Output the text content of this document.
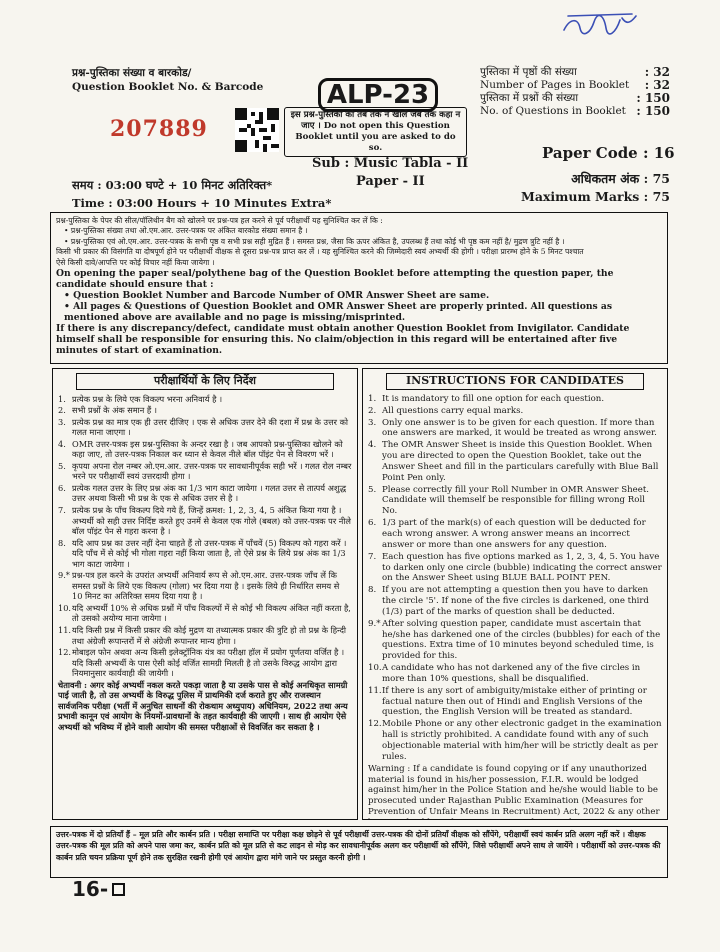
प्रश्न-पुस्तिका संख्या व बारकोड/
Question Booklet No. & Barcode	ALP-23
207889
इस प्रश्न-पुस्तिका को तब तक न खोलें जब तक कहा न जाए । Do not open this Question Booklet until you are asked to do so.
पुस्तिका में पृष्ठों की संख्या	: 32
Number of Pages in Booklet : 32
पुस्तिका में प्रश्नों की संख्या	: 150
No. of Questions in Booklet : 150
Paper Code : 16
Sub : Music Tabla - II
Paper - II
समय : 03:00 घण्टे + 10 मिनट अतिरिक्त*
Time : 03:00 Hours + 10 Minutes Extra*
अधिकतम अंक : 75
Maximum Marks : 75
प्रश्न-पुस्तिका के पेपर की सील/पॉलिथीन बैग को खोलने पर प्रश्न-पत्र हल करने से पूर्व परीक्षार्थी यह सुनिश्चित कर लें कि :
• प्रश्न-पुस्तिका संख्या तथा ओ.एम.आर. उत्तर-पत्रक पर अंकित बारकोड संख्या समान है ।
• प्रश्न-पुस्तिका एवं ओ.एम.आर. उत्तर-पत्रक के सभी पृष्ठ व सभी प्रश्न सही मुद्रित हैं । समस्त प्रश्न, जैसा कि ऊपर अंकित है, उपलब्ध हैं तथा कोई भी पृष्ठ कम नहीं है/ मुद्रण त्रुटि नहीं है ।
किसी भी प्रकार की विसंगति या दोषपूर्ण होने पर परीक्षार्थी वीक्षक से दूसरा प्रश्न-पत्र प्राप्त कर लें । यह सुनिश्चित करने की जिम्मेदारी स्वयं अभ्यर्थी की होगी । परीक्षा प्रारम्भ होने के 5 मिनट पश्चात
ऐसे किसी दावे/आपत्ति पर कोई विचार नहीं किया जायेगा ।
On opening the paper seal/polythene bag of the Question Booklet before attempting the question paper, the candidate should ensure that :
• Question Booklet Number and Barcode Number of OMR Answer Sheet are same.
• All pages & Questions of Question Booklet and OMR Answer Sheet are properly printed. All questions as mentioned above are available and no page is missing/misprinted.
If there is any discrepancy/defect, candidate must obtain another Question Booklet from Invigilator. Candidate himself shall be responsible for ensuring this. No claim/objection in this regard will be entertained after five minutes of start of examination.
परीक्षार्थियों के लिए निर्देश
1. प्रत्येक प्रश्न के लिये एक विकल्प भरना अनिवार्य है ।
2. सभी प्रश्नों के अंक समान हैं ।
3. प्रत्येक प्रश्न का मात्र एक ही उत्तर दीजिए । एक से अधिक उत्तर देने की दशा में प्रश्न के उत्तर को गलत माना जाएगा ।
4. OMR उत्तर-पत्रक इस प्रश्न-पुस्तिका के अन्दर रखा है । जब आपको प्रश्न-पुस्तिका खोलने को कहा जाए, तो उत्तर-पत्रक निकाल कर ध्यान से केवल नीले बॉल पॉइंट पेन से विवरण भरें ।
5. कृपया अपना रोल नम्बर ओ.एम.आर. उत्तर-पत्रक पर सावधानीपूर्वक सही भरें । गलत रोल नम्बर भरने पर परीक्षार्थी स्वयं उत्तरदायी होगा ।
6. प्रत्येक गलत उत्तर के लिए प्रश्न अंक का 1/3 भाग काटा जायेगा । गलत उत्तर से तात्पर्य अशुद्ध उत्तर अथवा किसी भी प्रश्न के एक से अधिक उत्तर से है ।
7. प्रत्येक प्रश्न के पाँच विकल्प दिये गये हैं, जिन्हें क्रमश: 1, 2, 3, 4, 5 अंकित किया गया है । अभ्यर्थी को सही उत्तर निर्दिष्ट करते हुए उनमें से केवल एक गोले (बबल) को उत्तर-पत्रक पर नीले बॉल पॉइंट पेन से गहरा करना है ।
8. यदि आप प्रश्न का उत्तर नहीं देना चाहते हैं तो उत्तर-पत्रक में पाँचवें (5) विकल्प को गहरा करें । यदि पाँच में से कोई भी गोला गहरा नहीं किया जाता है, तो ऐसे प्रश्न के लिये प्रश्न अंक का 1/3 भाग काटा जायेगा ।
9.* प्रश्न-पत्र हल करने के उपरांत अभ्यर्थी अनिवार्य रूप से ओ.एम.आर. उत्तर-पत्रक जाँच लें कि समस्त प्रश्नों के लिये एक विकल्प (गोला) भर दिया गया है । इसके लिये ही निर्धारित समय से 10 मिनट का अतिरिक्त समय दिया गया है ।
10. यदि अभ्यर्थी 10% से अधिक प्रश्नों में पाँच विकल्पों में से कोई भी विकल्प अंकित नहीं करता है, तो उसको अयोग्य माना जायेगा ।
11. यदि किसी प्रश्न में किसी प्रकार की कोई मुद्रण या तथ्यात्मक प्रकार की त्रुटि हो तो प्रश्न के हिन्दी तथा अंग्रेजी रूपान्तरों में से अंग्रेजी रूपान्तर मान्य होगा ।
12. मोबाइल फोन अथवा अन्य किसी इलेक्ट्रॉनिक यंत्र का परीक्षा हॉल में प्रयोग पूर्णतया वर्जित है । यदि किसी अभ्यर्थी के पास ऐसी कोई वर्जित सामग्री मिलती है तो उसके विरुद्ध आयोग द्वारा नियमानुसार कार्यवाही की जायेगी ।
चेतावनी : अगर कोई अभ्यर्थी नकल करते पकड़ा जाता है या उसके पास से कोई अनधिकृत सामग्री पाई जाती है, तो उस अभ्यर्थी के विरुद्ध पुलिस में प्राथमिकी दर्ज कराते हुए और राजस्थान सार्वजनिक परीक्षा (भर्ती में अनुचित साधनों की रोकथाम अध्युपाय) अधिनियम, 2022 तथा अन्य प्रभावी कानून एवं आयोग के नियमों-प्रावधानों के तहत कार्यवाही की जाएगी । साथ ही आयोग ऐसे अभ्यर्थी को भविष्य में होने वाली आयोग की समस्त परीक्षाओं से विवर्जित कर सकता है ।
INSTRUCTIONS FOR CANDIDATES
1. It is mandatory to fill one option for each question.
2. All questions carry equal marks.
3. Only one answer is to be given for each question. If more than one answers are marked, it would be treated as wrong answer.
4. The OMR Answer Sheet is inside this Question Booklet. When you are directed to open the Question Booklet, take out the Answer Sheet and fill in the particulars carefully with Blue Ball Point Pen only.
5. Please correctly fill your Roll Number in OMR Answer Sheet. Candidate will themself be responsible for filling wrong Roll No.
6. 1/3 part of the mark(s) of each question will be deducted for each wrong answer. A wrong answer means an incorrect answer or more than one answers for any question.
7. Each question has five options marked as 1, 2, 3, 4, 5. You have to darken only one circle (bubble) indicating the correct answer on the Answer Sheet using BLUE BALL POINT PEN.
8. If you are not attempting a question then you have to darken the circle '5'. If none of the five circles is darkened, one third (1/3) part of the marks of question shall be deducted.
9.* After solving question paper, candidate must ascertain that he/she has darkened one of the circles (bubbles) for each of the questions. Extra time of 10 minutes beyond scheduled time, is provided for this.
10. A candidate who has not darkened any of the five circles in more than 10% questions, shall be disqualified.
11. If there is any sort of ambiguity/mistake either of printing or factual nature then out of Hindi and English Versions of the question, the English Version will be treated as standard.
12. Mobile Phone or any other electronic gadget in the examination hall is strictly prohibited. A candidate found with any of such objectionable material with him/her will be strictly dealt as per rules.
Warning : If a candidate is found copying or if any unauthorized material is found in his/her possession, F.I.R. would be lodged against him/her in the Police Station and he/she would liable to be prosecuted under Rajasthan Public Examination (Measures for Prevention of Unfair Means in Recruitment) Act, 2022 & any other
उत्तर-पत्रक में दो प्रतियाँ हैं – मूल प्रति और कार्बन प्रति । परीक्षा समाप्ति पर परीक्षा कक्ष छोड़ने से पूर्व परीक्षार्थी उत्तर-पत्रक की दोनों प्रतियाँ वीक्षक को सौंपेंगे, परीक्षार्थी स्वयं कार्बन प्रति अलग नहीं करें । वीक्षक उत्तर-पत्रक की मूल प्रति को अपने पास जमा कर, कार्बन प्रति को मूल प्रति से कट लाइन से मोड़ कर सावधानीपूर्वक अलग कर परीक्षार्थी को सौंपेंगे, जिसे परीक्षार्थी अपने साथ ले जायेंगे । परीक्षार्थी को उत्तर-पत्रक की कार्बन प्रति चयन प्रक्रिया पूर्ण होने तक सुरक्षित रखनी होगी एवं आयोग द्वारा मांगे जाने पर प्रस्तुत करनी होगी ।
16-
